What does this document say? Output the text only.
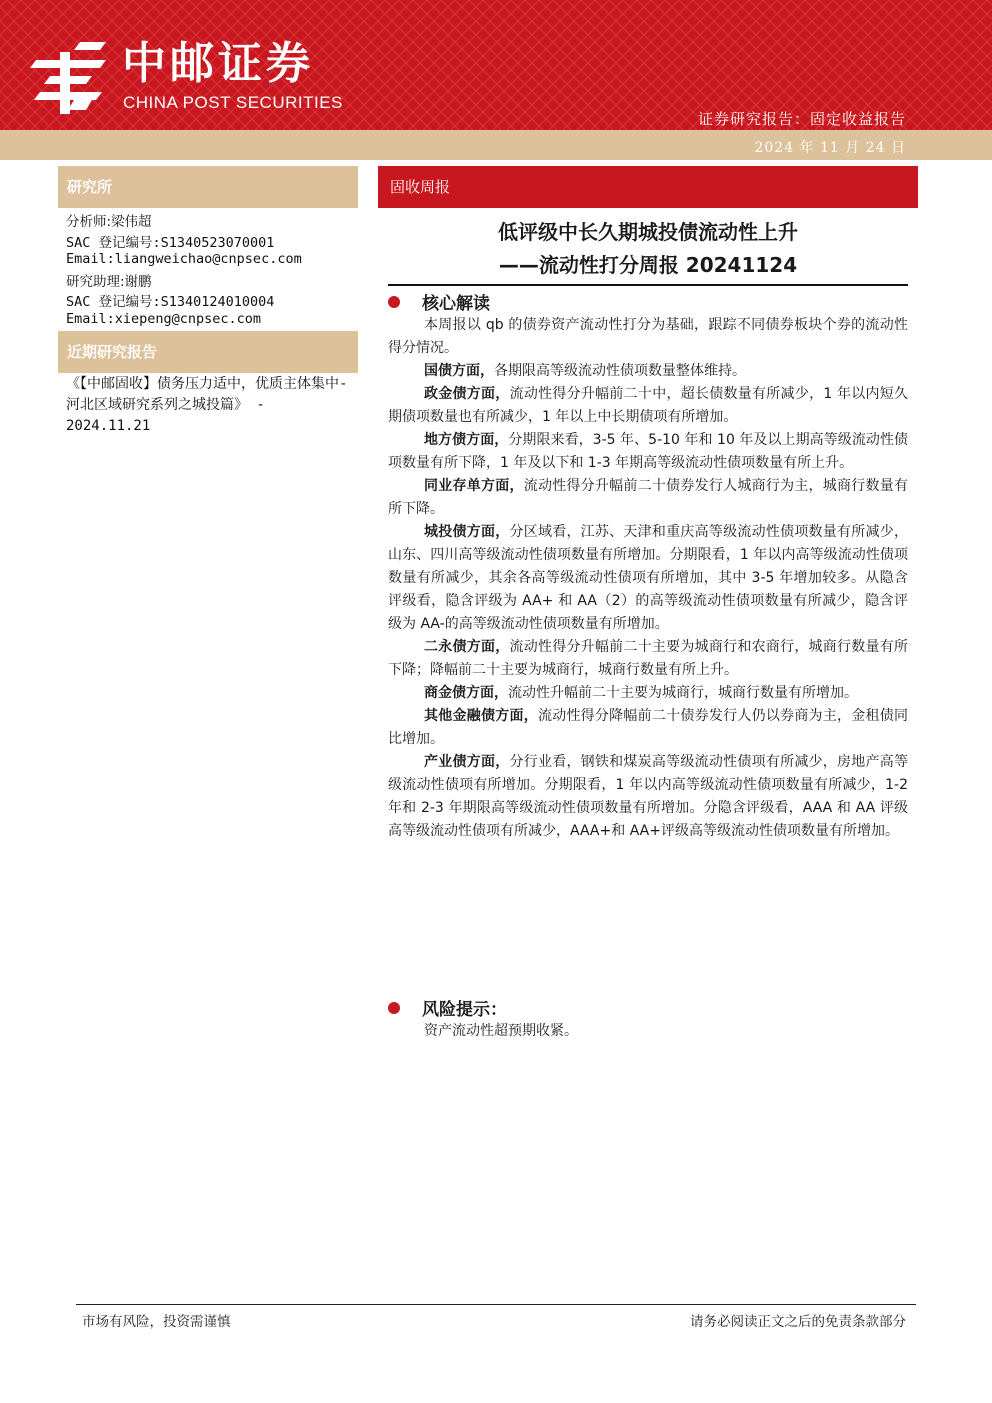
中邮证券
CHINA POST SECURITIES
证券研究报告：固定收益报告
2024 年 11 月 24 日
研究所
分析师:梁伟超
SAC 登记编号:S1340523070001
Email:liangweichao@cnpsec.com
研究助理:谢鹏
SAC 登记编号:S1340124010004
Email:xiepeng@cnpsec.com
近期研究报告
《【中邮固收】债务压力适中，优质主体集中-河北区域研究系列之城投篇》 - 2024.11.21
固收周报
低评级中长久期城投债流动性上升
——流动性打分周报 20241124
核心解读

本周报以 qb 的债券资产流动性打分为基础，跟踪不同债券板块个券的流动性得分情况。

国债方面，各期限高等级流动性债项数量整体维持。

政金债方面，流动性得分升幅前二十中，超长债数量有所减少，1 年以内短久期债项数量也有所减少，1 年以上中长期债项有所增加。

地方债方面，分期限来看，3-5 年、5-10 年和 10 年及以上期高等级流动性债项数量有所下降，1 年及以下和 1-3 年期高等级流动性债项数量有所上升。

同业存单方面，流动性得分升幅前二十债券发行人城商行为主，城商行数量有所下降。

城投债方面，分区域看，江苏、天津和重庆高等级流动性债项数量有所减少，山东、四川高等级流动性债项数量有所增加。分期限看，1 年以内高等级流动性债项数量有所减少，其余各高等级流动性债项有所增加，其中 3-5 年增加较多。从隐含评级看，隐含评级为 AA+ 和 AA（2）的高等级流动性债项数量有所减少，隐含评级为 AA-的高等级流动性债项数量有所增加。

二永债方面，流动性得分升幅前二十主要为城商行和农商行，城商行数量有所下降；降幅前二十主要为城商行，城商行数量有所上升。

商金债方面，流动性升幅前二十主要为城商行，城商行数量有所增加。

其他金融债方面，流动性得分降幅前二十债券发行人仍以券商为主，金租债同比增加。

产业债方面，分行业看，钢铁和煤炭高等级流动性债项有所减少，房地产高等级流动性债项有所增加。分期限看，1 年以内高等级流动性债项数量有所减少，1-2 年和 2-3 年期限高等级流动性债项数量有所增加。分隐含评级看，AAA 和 AA 评级高等级流动性债项有所减少，AAA+和 AA+评级高等级流动性债项数量有所增加。

风险提示：
资产流动性超预期收紧。
市场有风险，投资需谨慎	请务必阅读正文之后的免责条款部分
